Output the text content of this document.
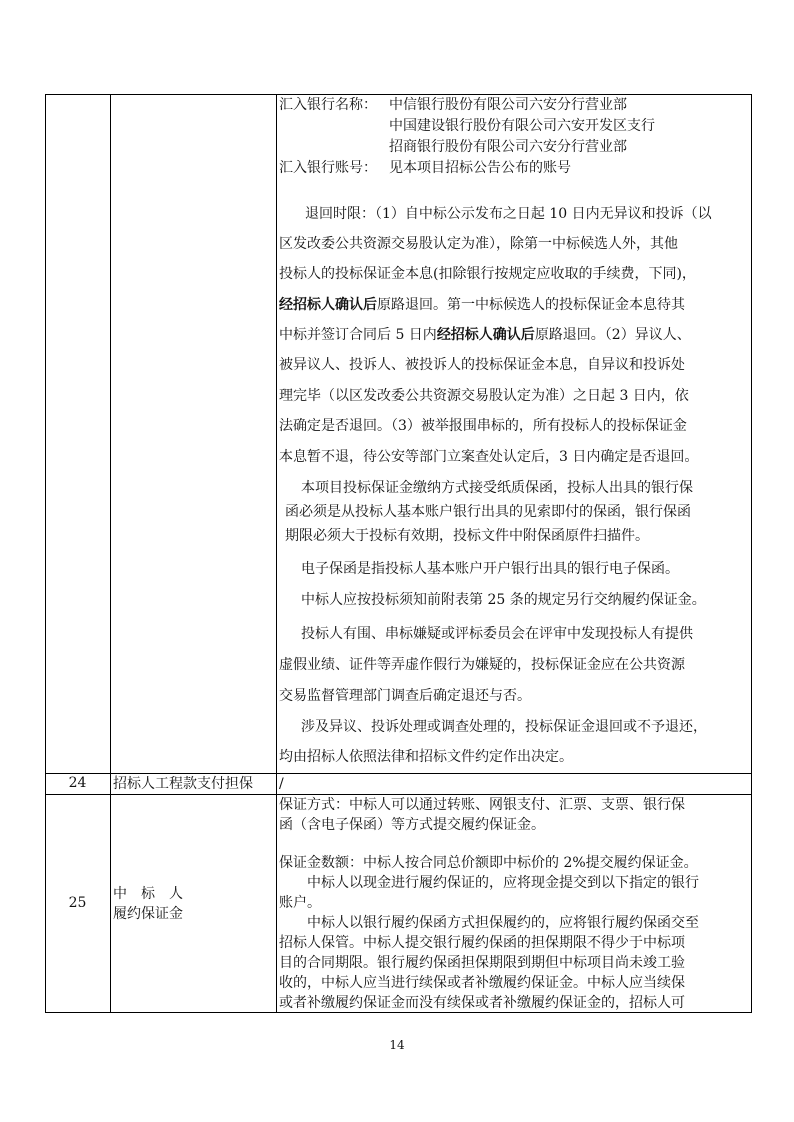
汇入银行名称： 中信银行股份有限公司六安分行营业部
中国建设银行股份有限公司六安开发区支行
招商银行股份有限公司六安分行营业部
汇入银行账号： 见本项目招标公告公布的账号
退回时限：（1）自中标公示发布之日起 10 日内无异议和投诉（以
区发改委公共资源交易股认定为准），除第一中标候选人外，其他
投标人的投标保证金本息(扣除银行按规定应收取的手续费，下同)，
经招标人确认后原路退回。第一中标候选人的投标保证金本息待其
中标并签订合同后 5 日内经招标人确认后原路退回。（2）异议人、
被异议人、投诉人、被投诉人的投标保证金本息，自异议和投诉处
理完毕（以区发改委公共资源交易股认定为准）之日起 3 日内，依
法确定是否退回。（3）被举报围串标的，所有投标人的投标保证金
本息暂不退，待公安等部门立案查处认定后，3 日内确定是否退回。
本项目投标保证金缴纳方式接受纸质保函，投标人出具的银行保
函必须是从投标人基本账户银行出具的见索即付的保函，银行保函
期限必须大于投标有效期，投标文件中附保函原件扫描件。
电子保函是指投标人基本账户开户银行出具的银行电子保函。
中标人应按投标须知前附表第 25 条的规定另行交纳履约保证金。
投标人有围、串标嫌疑或评标委员会在评审中发现投标人有提供
虚假业绩、证件等弄虚作假行为嫌疑的，投标保证金应在公共资源
交易监督管理部门调查后确定退还与否。
涉及异议、投诉处理或调查处理的，投标保证金退回或不予退还，
均由招标人依照法律和招标文件约定作出决定。
24	招标人工程款支付担保 /
25
中　标　人
履约保证金
保证方式：中标人可以通过转账、网银支付、汇票、支票、银行保
函（含电子保函）等方式提交履约保证金。
保证金数额：中标人按合同总价额即中标价的 2%提交履约保证金。
　　中标人以现金进行履约保证的，应将现金提交到以下指定的银行
账户。
　　中标人以银行履约保函方式担保履约的，应将银行履约保函交至
招标人保管。中标人提交银行履约保函的担保期限不得少于中标项
目的合同期限。银行履约保函担保期限到期但中标项目尚未竣工验
收的，中标人应当进行续保或者补缴履约保证金。中标人应当续保
或者补缴履约保证金而没有续保或者补缴履约保证金的，招标人可
14
